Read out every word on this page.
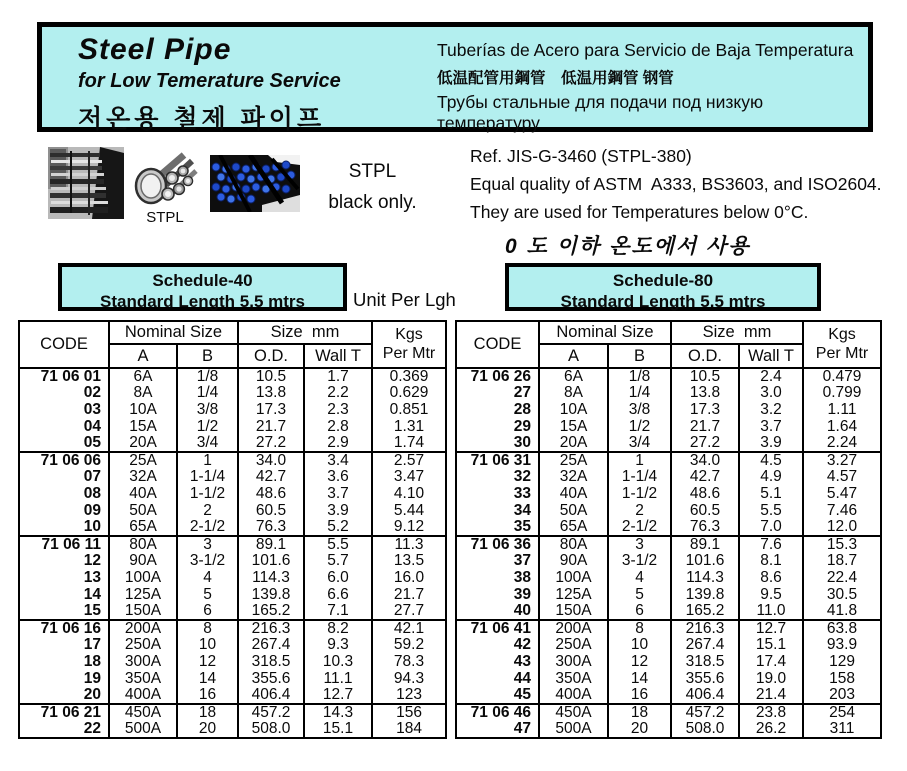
Steel Pipe
for Low Temerature Service
저온용 철제 파이프
Tuberías de Acero para Servicio de Baja Temperatura
低温配管用鋼管　低温用鋼管 钢管
Трубы стальные для подачи под низкую температуру
STPL
STPL
black only.
Ref. JIS-G-3460 (STPL-380)
Equal quality of ASTM  A333, BS3603, and ISO2604.
They are used for Temperatures below 0°C.
0 도 이하 온도에서 사용
Schedule-40
Standard Length 5.5 mtrs	Unit Per Lgh
Schedule-80
Standard Length 5.5 mtrs
CODE	Nominal Size		Size  mm		Kgs
Per Mtr

	A	B	O.D.	Wall T	
71 06 01	6A	1/8	10.5	1.7	0.369
02	8A	1/4	13.8	2.2	0.629
03	10A	3/8	17.3	2.3	0.851
04	15A	1/2	21.7	2.8	1.31
05	20A	3/4	27.2	2.9	1.74
71 06 06	25A	1	34.0	3.4	2.57
07	32A	1-1/4	42.7	3.6	3.47
08	40A	1-1/2	48.6	3.7	4.10
09	50A	2	60.5	3.9	5.44
10	65A	2-1/2	76.3	5.2	9.12
71 06 11	80A	3	89.1	5.5	11.3
12	90A	3-1/2	101.6	5.7	13.5
13	100A	4	114.3	6.0	16.0
14	125A	5	139.8	6.6	21.7
15	150A	6	165.2	7.1	27.7
71 06 16	200A	8	216.3	8.2	42.1
17	250A	10	267.4	9.3	59.2
18	300A	12	318.5	10.3	78.3
19	350A	14	355.6	11.1	94.3
20	400A	16	406.4	12.7	123
71 06 21	450A	18	457.2	14.3	156
22	500A	20	508.0	15.1	184
CODE	Nominal Size		Size  mm		Kgs
Per Mtr

	A	B	O.D.	Wall T	
71 06 26	6A	1/8	10.5	2.4	0.479
27	8A	1/4	13.8	3.0	0.799
28	10A	3/8	17.3	3.2	1.11
29	15A	1/2	21.7	3.7	1.64
30	20A	3/4	27.2	3.9	2.24
71 06 31	25A	1	34.0	4.5	3.27
32	32A	1-1/4	42.7	4.9	4.57
33	40A	1-1/2	48.6	5.1	5.47
34	50A	2	60.5	5.5	7.46
35	65A	2-1/2	76.3	7.0	12.0
71 06 36	80A	3	89.1	7.6	15.3
37	90A	3-1/2	101.6	8.1	18.7
38	100A	4	114.3	8.6	22.4
39	125A	5	139.8	9.5	30.5
40	150A	6	165.2	11.0	41.8
71 06 41	200A	8	216.3	12.7	63.8
42	250A	10	267.4	15.1	93.9
43	300A	12	318.5	17.4	129
44	350A	14	355.6	19.0	158
45	400A	16	406.4	21.4	203
71 06 46	450A	18	457.2	23.8	254
47	500A	20	508.0	26.2	311
